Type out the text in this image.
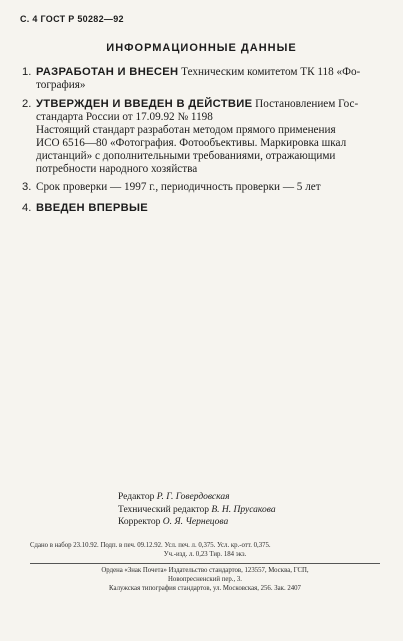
С. 4 ГОСТ Р 50282—92
ИНФОРМАЦИОННЫЕ ДАННЫЕ
1. РАЗРАБОТАН И ВНЕСЕН Техническим комитетом ТК 118 «Фо-
тография»
2. УТВЕРЖДЕН И ВВЕДЕН В ДЕЙСТВИЕ Постановлением Гос-
стандарта России от 17.09.92 № 1198
Настоящий стандарт разработан методом прямого применения
ИСО 6516—80 «Фотография. Фотообъективы. Маркировка шкал
дистанций» с дополнительными требованиями, отражающими
потребности народного хозяйства
3. Срок проверки — 1997 г., периодичность проверки — 5 лет
4. ВВЕДЕН ВПЕРВЫЕ
Редактор Р. Г. Говердовская
Технический редактор В. Н. Прусакова
Корректор О. Я. Чернецова
Сдано в набор 23.10.92. Подп. в печ. 09.12.92. Усл. печ. л. 0,375. Усл. кр.-отт. 0,375.
Уч.-изд. л. 0,23 Тир. 184 экз.
Ордена «Знак Почета» Издательство стандартов, 123557, Москва, ГСП,
Новопресненский пер., 3.
Калужская типография стандартов, ул. Московская, 256. Зак. 2407
